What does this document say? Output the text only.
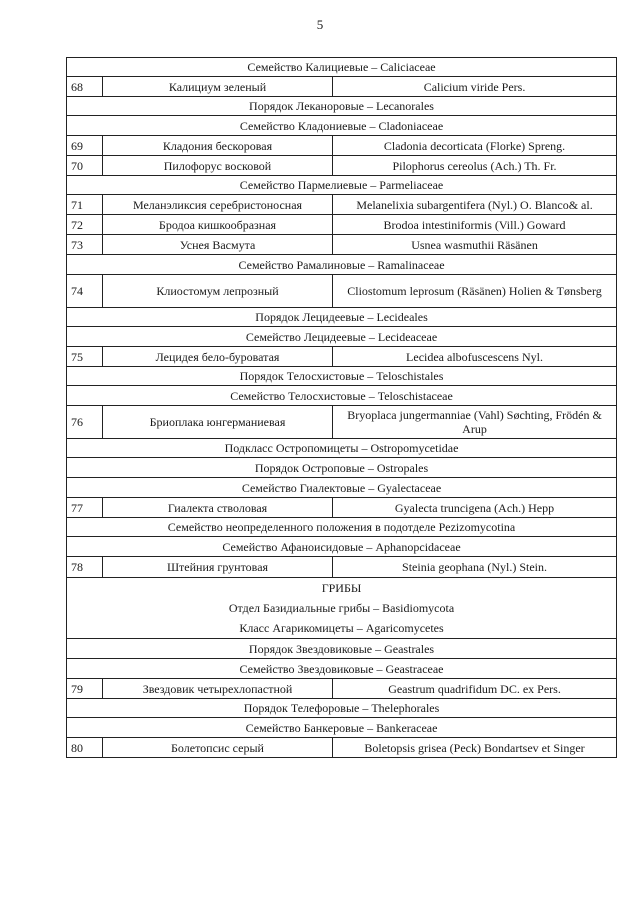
5
Семейство Калициевые – Caliciaceae		
68	Калициум зеленый	Calicium viride Pers.
Порядок Леканоровые – Lecanorales		
Семейство Кладониевые – Cladoniaceae		
69	Кладония бескоровая	Cladonia decorticata (Florke) Spreng.
70	Пилофорус восковой	Pilophorus cereolus (Ach.) Th. Fr.
Семейство Пармелиевые – Parmeliaceae		
71	Меланэликсия серебристоносная	Melanelixia subargentifera (Nyl.) O. Blanco& al.
72	Бродоа кишкообразная	Brodoa intestiniformis (Vill.) Goward
73	Уснея Васмута	Usnea wasmuthii Räsänen
Семейство Рамалиновые – Ramalinaceae		
74	Клиостомум лепрозный	Cliostomum leprosum (Räsänen) Holien & Tønsberg
Порядок Лецидеевые – Lecideales		
Семейство Лецидеевые – Lecideaceae		
75	Лецидея бело-буроватая	Lecidea albofuscescens Nyl.
Порядок Телосхистовые – Teloschistales		
Семейство Телосхистовые – Teloschistaceae		
76	Бриоплака юнгерманиевая	Bryoplaca jungermanniae (Vahl) Søchting, Frödén & Arup
Подкласс Остропомицеты – Ostropomycetidae		
Порядок Остроповые – Ostropales		
Семейство Гиалектовые – Gyalectaceae		
77	Гиалекта стволовая	Gyalecta truncigena (Ach.) Hepp
Семейство неопределенного положения в подотделе Pezizomycotina		
Семейство Афаноисидовые – Aphanopcidaceae		
78	Штейния грунтовая	Steinia geophana (Nyl.) Stein.

ГРИБЫ
Отдел Базидиальные грибы – Basidiomycota
Класс Агарикомицеты – Agaricomycetes		

Порядок Звездовиковые – Geastrales		
Семейство Звездовиковые – Geastraceae		
79	Звездовик четырехлопастной	Geastrum quadrifidum DC. ex Pers.
Порядок Телефоровые – Thelephorales		
Семейство Банкеровые – Bankeraceae		
80	Болетопсис серый	Boletopsis grisea (Peck) Bondartsev et Singer
